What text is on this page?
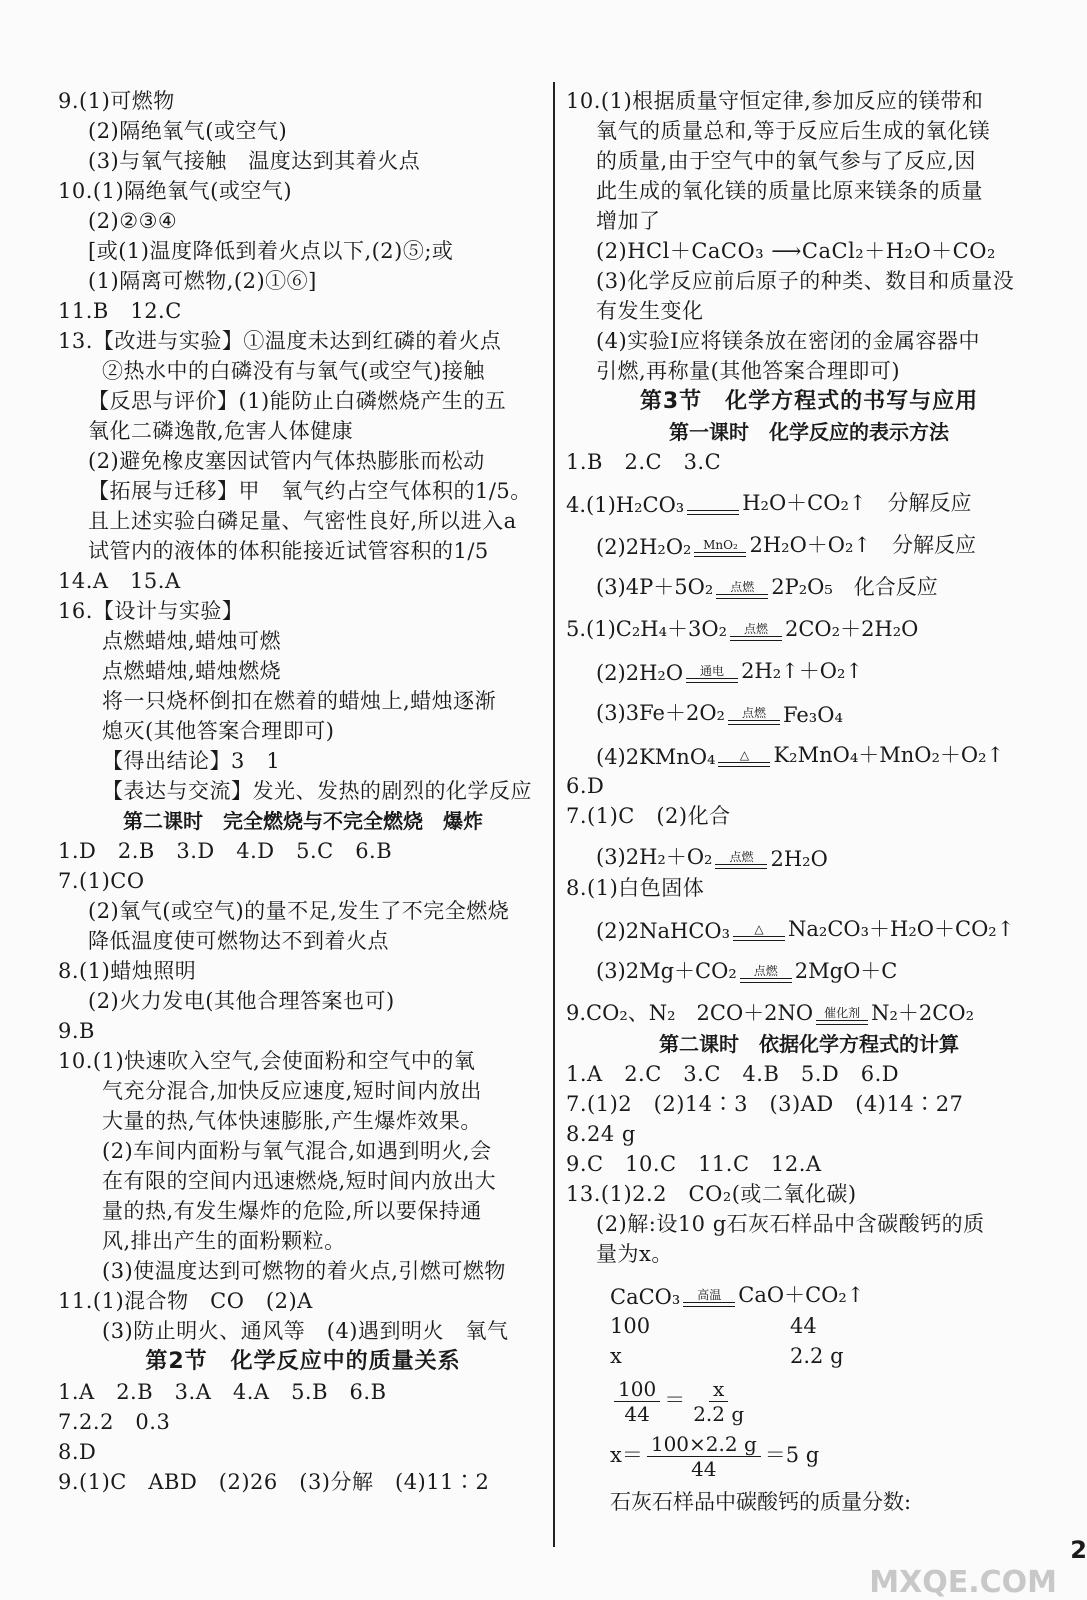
9.(1)可燃物
(2)隔绝氧气(或空气)
(3)与氧气接触　温度达到其着火点
10.(1)隔绝氧气(或空气)
(2)②③④
[或(1)温度降低到着火点以下,(2)⑤;或
(1)隔离可燃物,(2)①⑥]
11.B　12.C
13.【改进与实验】①温度未达到红磷的着火点
②热水中的白磷没有与氧气(或空气)接触
【反思与评价】(1)能防止白磷燃烧产生的五
氧化二磷逸散,危害人体健康
(2)避免橡皮塞因试管内气体热膨胀而松动
【拓展与迁移】甲　氧气约占空气体积的1/5。
且上述实验白磷足量、气密性良好,所以进入a
试管内的液体的体积能接近试管容积的1/5
14.A　15.A
16.【设计与实验】
点燃蜡烛,蜡烛可燃
点燃蜡烛,蜡烛燃烧
将一只烧杯倒扣在燃着的蜡烛上,蜡烛逐渐
熄灭(其他答案合理即可)
【得出结论】3　1
【表达与交流】发光、发热的剧烈的化学反应
第二课时　完全燃烧与不完全燃烧　爆炸
1.D　2.B　3.D　4.D　5.C　6.B
7.(1)CO
(2)氧气(或空气)的量不足,发生了不完全燃烧
降低温度使可燃物达不到着火点
8.(1)蜡烛照明
(2)火力发电(其他合理答案也可)
9.B
10.(1)快速吹入空气,会使面粉和空气中的氧
气充分混合,加快反应速度,短时间内放出
大量的热,气体快速膨胀,产生爆炸效果。
(2)车间内面粉与氧气混合,如遇到明火,会
在有限的空间内迅速燃烧,短时间内放出大
量的热,有发生爆炸的危险,所以要保持通
风,排出产生的面粉颗粒。
(3)使温度达到可燃物的着火点,引燃可燃物
11.(1)混合物　CO　(2)A
(3)防止明火、通风等　(4)遇到明火　氧气
第2节　化学反应中的质量关系
1.A　2.B　3.A　4.A　5.B　6.B
7.2.2　0.3
8.D
9.(1)C　ABD　(2)26　(3)分解　(4)11∶2
10.(1)根据质量守恒定律,参加反应的镁带和
氧气的质量总和,等于反应后生成的氧化镁
的质量,由于空气中的氧气参与了反应,因
此生成的氧化镁的质量比原来镁条的质量
增加了
(2)HCl＋CaCO₃ ⟶CaCl₂＋H₂O＋CO₂
(3)化学反应前后原子的种类、数目和质量没
有发生变化
(4)实验Ⅰ应将镁条放在密闭的金属容器中
引燃,再称量(其他答案合理即可)
第3节　化学方程式的书写与应用
第一课时　化学反应的表示方法
1.B　2.C　3.C
4.(1)H₂CO₃
	H₂O＋CO₂↑　分解反应
(2)2H₂O₂ MnO₂ 2H₂O＋O₂↑　分解反应
(3)4P＋5O₂ 点燃 2P₂O₅　化合反应
5.(1)C₂H₄＋3O₂ 点燃 2CO₂＋2H₂O
(2)2H₂O 通电 2H₂↑＋O₂↑
(3)3Fe＋2O₂ 点燃 Fe₃O₄
(4)2KMnO₄ △ K₂MnO₄＋MnO₂＋O₂↑
6.D
7.(1)C　(2)化合
(3)2H₂＋O₂ 点燃 2H₂O
8.(1)白色固体
(2)2NaHCO₃ △ Na₂CO₃＋H₂O＋CO₂↑
(3)2Mg＋CO₂ 点燃 2MgO＋C
9.CO₂、N₂　2CO＋2NO 催化剂 N₂＋2CO₂
第二课时　依据化学方程式的计算
1.A　2.C　3.C　4.B　5.D　6.D
7.(1)2　(2)14∶3　(3)AD　(4)14∶27
8.24 g
9.C　10.C　11.C　12.A
13.(1)2.2　CO₂(或二氧化碳)
(2)解:设10 g石灰石样品中含碳酸钙的质
量为x。
CaCO₃ 高温 CaO＋CO₂↑
100	44
x	2.2 g
$\frac{100}{44} = \frac{x}{2.2 g}$
$x= \frac{100\times 2.2 g}{44} =5$ g
石灰石样品中碳酸钙的质量分数:
2
MXQE.COM
